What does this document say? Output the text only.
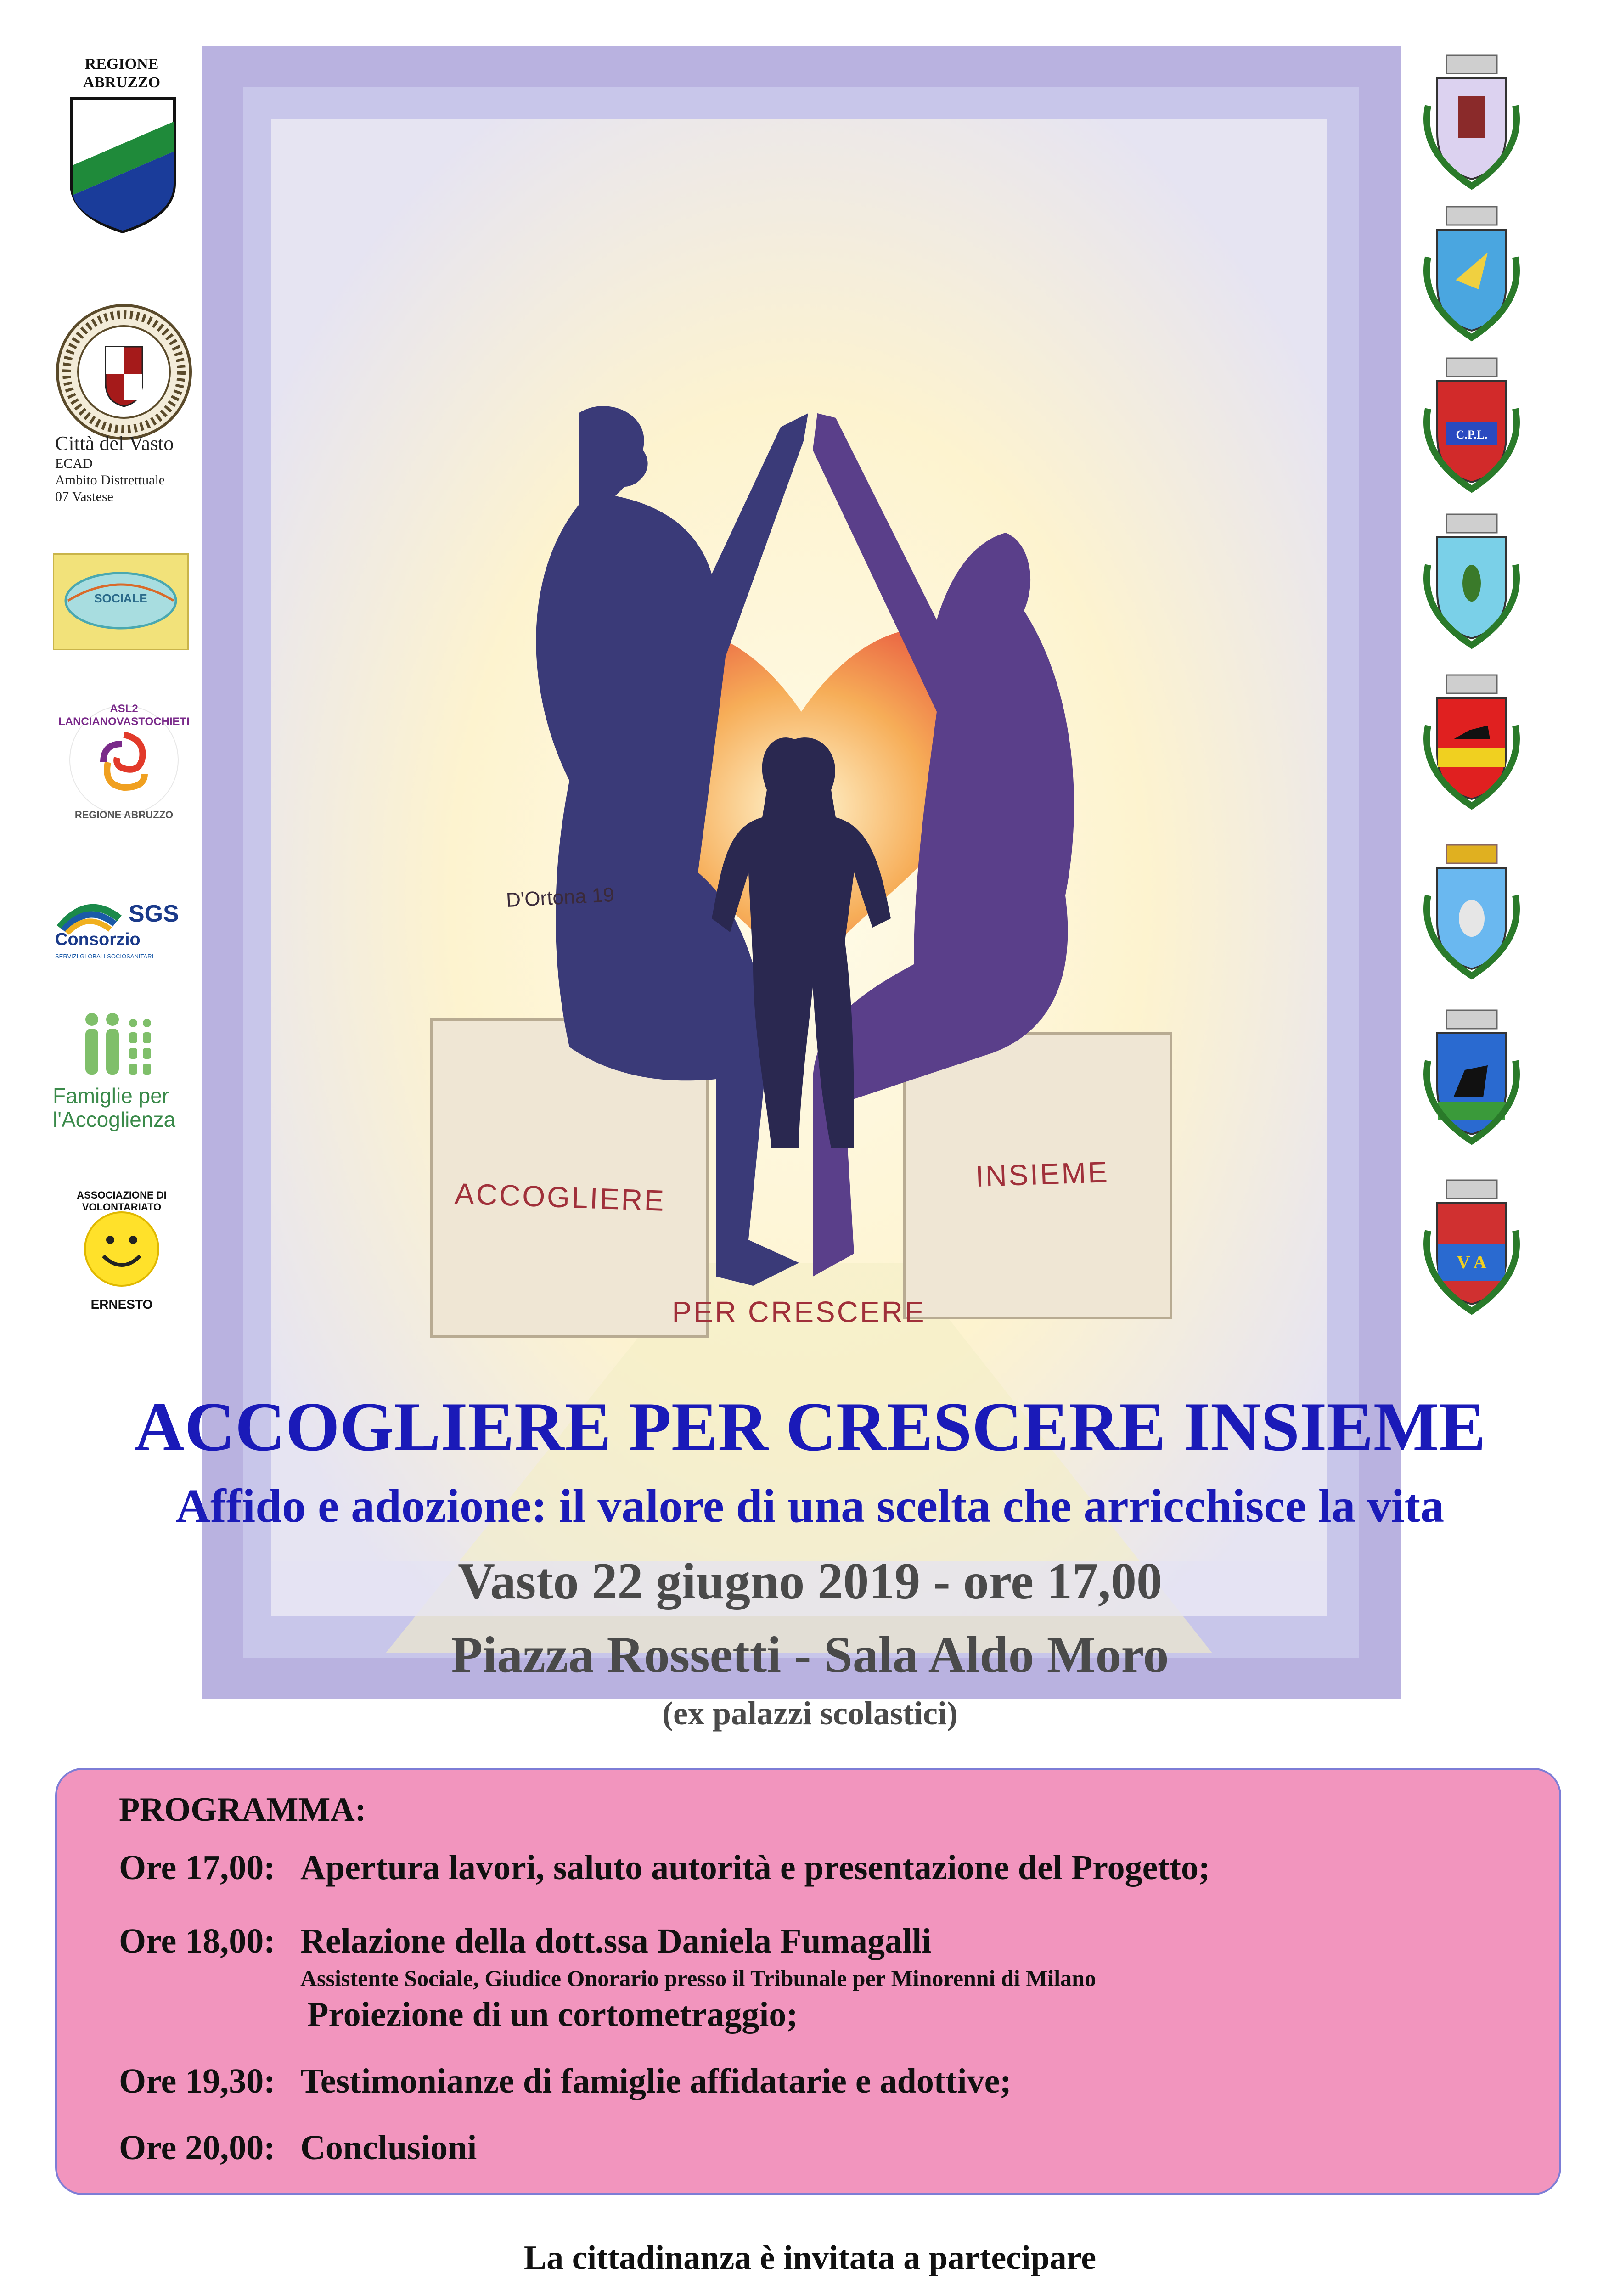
REGIONE
ABRUZZO
Città del Vasto
ECAD
Ambito Distrettuale
07 Vastese
SOCIALE
ASL2 LANCIANOVASTOCHIETI
REGIONE ABRUZZO
SGS
Consorzio
SERVIZI GLOBALI SOCIOSANITARI
Famiglie per
l'Accoglienza
ASSOCIAZIONE DI VOLONTARIATO
ERNESTO
D'Ortona 19
ACCOGLIERE
INSIEME
PER CRESCERE
C.P.L.
V A
ACCOGLIERE PER CRESCERE INSIEME
Affido e adozione: il valore di una scelta che arricchisce la vita
Vasto 22 giugno 2019 - ore 17,00
Piazza Rossetti - Sala Aldo Moro
(ex palazzi scolastici)
PROGRAMMA:
Ore 17,00: Apertura lavori, saluto autorità e presentazione del Progetto;
Ore 18,00: Relazione della dott.ssa Daniela Fumagalli
Assistente Sociale, Giudice Onorario presso il Tribunale per Minorenni di Milano
Proiezione di un cortometraggio;
Ore 19,30: Testimonianze di famiglie affidatarie e adottive;
Ore 20,00: Conclusioni
La cittadinanza è invitata a partecipare
